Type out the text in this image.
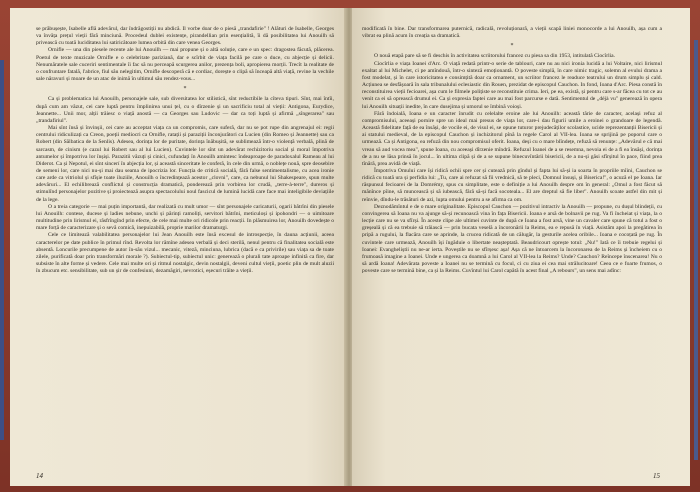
se prăbușește, Isabelle află adevărul, dar îndrăgostiții nu abdică. Il vorbe doar de o piesă „trandafirie" ! Alături de Isabelle, Georges va învăța prețul vieții fără minciună. Procedeul dublei existențe, pirandellian prin esențialită, îi dă posibilitatea lui Anouilh să privească cu toată luciditatea lui satiricătoare lumea orbită din care venea Georges.

Ornifle — una din piesele recente ale lui Anouilh — mai propune și o altă soluție, care e un spec: dragostea făcută, plăcerea. Poetul de texte muzicale Ornifle e o celebritate pariziană, dar e scîrbit de viața facilă pe care o duce, cu abjecție și delicii. Nenumăratele sale cuceriri sentimentale îi fac să nu perceapă scurgerea anilor, prezența boli, apropierea morții. Trecît la realitate de o confruntare fatală, l'abrice, fiul său nelegitim, Ornifle descoperă că e cordiac, dorește o clipă să înceapă altă viață, revine la vechile sale năravuri și moare de un atac de inimă în ultimul său rendez-vous...

*

Ca și problematica lui Anouilh, personajele sale, sub diversitatea lor stilistică, sînt reductibile la cîteva tipuri. Sînt, mai întîi, după cum am văzut, cei care luptă pentru împlinirea unui țel, cu o dîrzenie și un sacrificiu total al vieții: Antigona, Eurydice, Jeannette... Unii mor, alții trăiesc o viață anostă — ca Georges sau Ludovic — dar ca toți luptă și afirmă „sîngerarea" sau „trandafiriul".

Mai sînt însă și învinșii, cei care au acceptat viața ca un compromis, care suferă, dar nu se pot rupe din angrenajul ei: regii centrului ridiculizați ca Creon, poeții mediocri ca Ornifle, ratații și paraziții înconjurători ca Lucien (din Romeo și Jeannette) sau ca Robert (din Sălbatica de la Senlis). Adesea, dorința lor de puritate, dorința înăbușită, se sublimează într-o violență verbală, plină de sarcasm, de cinism (e cazul lui Robert sau al lui Lucien). Cuvintele lor sînt un adevărat rechizitoriu social și moral împotriva antumelor și împotriva lor înșiși. Parazitii văzuți și cinici, cufundați în Anouilh amintesc îndeaproape de paradoxalul Rameau al lui Diderot. Ca și Nepotul, ei sînt sincerí în abjecția lor, și această sinceritate le conferă, în cele din urmă, o noblețe nouă, spre deosebire de semeni lor, care nici nu-și mai dau seama de ipocrizia lor. Funcția de critică socială, fără false sentimentalisme, cu acea ironie care arde ca vitriolul și sfîșie toate iluziile, Anouilh o încredințează acestor „clovni", care, ca nebunul lui Shakespeare, spun multe adevăruri... El echilibrează conflictul și construcția dramatică, ponderează prin vorbirea lor crudă, „terre-à-terre", dureros și stimulînd personajelor pozitive și proiectează asupra spectacolului noul fascicul de lumină lucidă care face mai inteligibile deviațiile de la lege.

O a treia categorie — mai puțin importantă, dar realizată cu mult umor — sînt personajele caricaturii, ogarii bătrîni din piesele lui Anouilh: contese, ducese și ladies nebune, unchi și părinți ramoliți, servitori bătrîni, meticuloși și ipohondri — o uimitoare multitudine prin lirismul ei, răsfrîngînd prin efecte, de cele mai multe ori ridicole prin reacții. In plăsmuirea lor, Anouilh dovedește o mare forță de caracterizare și o sevă comică, inepuizabilă, proprie marilor dramaturgi.

Cele ce limitează valabilitatea personajelor lui Jean Anouilh este însă excesul de introspecție, în dauna acțiunii, aceea caracterelor pe date publice în primul rînd. Revolta lor rămîne adesea verbală și deci sterilă, nenul pentru că finalitatea socială este absentă. Loncurile precumpene de autor în-său vizul... mecanic, viteză, minciuna, lubrica (dacă e ca privirile) sau viața sa de toate zilele, purificată doar prin transformări morale ?). Subiectul-tip, subiectul unic: generează o plurali tate aproape infinită ca fire, dar subsiste în alte forme și vedere. Cele mai multe ori și ritmul nostalgic, devin nostalgii, deveni cultul vieții, poetic plin de mult aluzii în zbucum etc. sensibilitate, sub un șir de confesiuni, dezamăgiri, nevrotici, eșecuri trăite a vieții.

14

modificată în bine. Dar transformarea puternică, radicală, revoluționară, a vieții scapă liniei monocorde a lui Anouilh, așa cum a vibrat ea plină acum în creația sa dramatică.

*

O nouă etapă pare să se fi deschis în activitatea scriitorului francez cu piesa sa din 1953, intitulată Ciocîrlia.

Ciocîrlia e viața Ioanei d'Arc. O viață redată printr-o serie de tablouri, care nu au nici ironia lucidă a lui Voltaire, nici lirismul exaltat al lui Michelet, ci pe amîndouă, într-o sinteză emoționantă. O poveste simplă, în care nimic tragic, solemn al evului drama a fost modelat, și în care istoricitatea e consimțită doar ca ornament, un scriitor francez le readuce teatrului un drum simplu și cald. Acțiunea se desfășoară în sala tribunalului eclesiastic din Rouen, prezidat de episcopul Cauchon. In fond, Ioana d'Arc. Piesa constă în reconstituirea vieții fecioarei, așa cum le filmele polițiste se reconstituie crima. Ieri, pe ea, există, și pentru care s-ar făcea cu tot ce au venit ca ei să oprească drumul ei. Ca și expresia faptei care au mai fost parcurse e dată. Sentimentul de „déjà vu" generează în opera lui Anouilh situații inedite, în care dusejima și umorul se îmbină voioși.

Fără îndoială, Ioana e un caracter înrudit cu celelalte eroine ale lui Anouilh: această tărie de caracter, același refuz al compromisului, aceeași pornire spre un ideal mai presus de viața lor, care-i dau figurii umile a eroinei o grandoare de legendă. Această fidelitate față de ea însăși, de vocile ei, de visul ei, se opune tuturor prejudecăților scolastice, ucide reprezentanții Bisericii și ai statului medieval, de la episcopul Cauchon și inchizitorul pînă la regele Carol al VII-lea. Ioana se sprijină pe poporul care o urmează. Ca și Antigona, ea refuză din nou compromisul oferit. Ioana, deși cu o mare blîndețe, refuză să renunțe: „Adevărul e că mai vreau să aud vocea mea", spune Ioana, cu aceeași dîrzenie mîndră. Refuzul Ioanei de a se resemna, nevoia ei de a fi ea însăși, dorința de a nu se lăsa prinsă în jocul... în ultima clipă și de a se supune binecuvîntării bisericii, de a nu-și găsi sfîrșitul în pace, fiind prea tînără, prea avidă de viață.

Împotriva Omului care își ridică ochii spre cer și cutează prin gîndul și fapta lui să-și ia soarta în propriile mîini, Cauchon se ridică cu toată ura și perfidia lui: „Tu, care ai refuzat să fii vrednică, să te pleci, Domnul însuși, și Biserica!", o acuză el pe Ioana. Iar răspunsul fecioarei de la Domrémy, spus cu simplitate, este o definiție a lui Anouilh despre om în general: „Omul a fost făcut să mănînce pîine, să muncească și să iubească, fără să-și facă socoteala... El are dreptul să fie liber". Anouilh scoate astfel din mit și reînvie, dîndu-le trăsături de azi, lupta omului pentru a se afirma ca om.

Deznodămîntul e de o mare originalitate. Episcopul Cauchon — pozitivul intractiv la Anouilh — propune, cu dușul blindeții, cu convingerea să Ioana nu va ajunge să-și recunoască vina în fața Bisericii. Ioana e arsă de bolnavii pe rug. Va fi încheiat și viața, la o lecție care nu se va sfîrși. În aceste clipe ale ultimei cuvinte de după ce Ioana a fost arsă, vine un cavaler care spune că totul a fost o greșeală și că ea trebuie să trăiască — prin bucata veselă a încoronării la Reims, ea e repusă în viață. Asistăm apoi la pregătirea în pripă a rugului, la flacăra care se aprinde, la crucea ridicată de un călugăr, la gesturile acelea oribile... Ioana e cocoțată pe rug. În cuvintele care urmează, Anouilh își îngăduie o libertate neașteptată. Beaudricourt oprește totul: „Nu!" Iată ce îi trebuie regelui și Ioanei: Evangheliștii nu ne-ar ierta. Poveștile nu se sfîrșesc așa! Așa că ne întoarcem la încoronarea de la Reims și încheiem cu o frumoasă imagine a Ioanei. Unde e ungerea ca doamnă a lui Carol al VII-lea la Reims? Unde? Cauchon? Reîncepe înscenarea! Nu o să ardă Ioana! Adevărata poveste a Ioanei nu se termină cu focul, ci cu ziua ei cea mai strălucitoare! Ceea ce e foarte frumos, o poveste care se termină bine, ca și la Reims. Cuvîntul lui Carol capătă în acest final „A rebours", un sens mai adînc:

15
